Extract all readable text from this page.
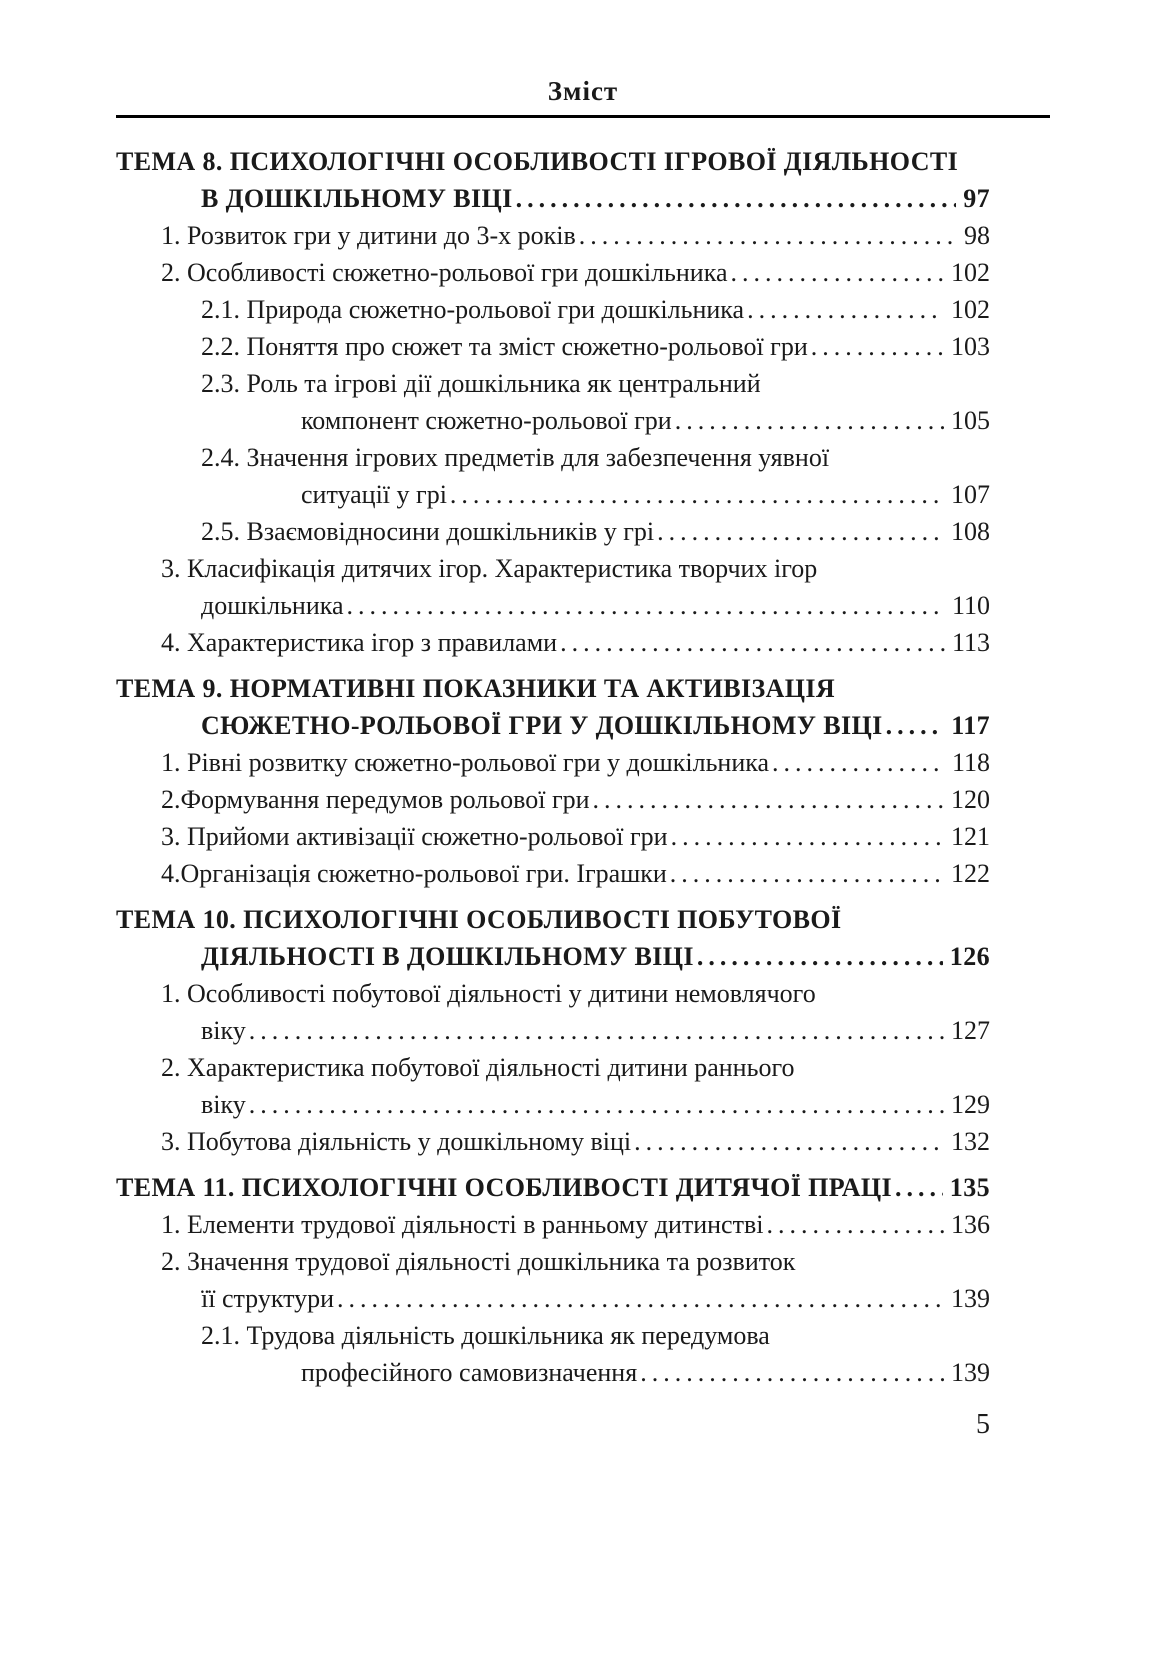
Зміст
ТЕМА 8. ПСИХОЛОГІЧНІ ОСОБЛИВОСТІ ІГРОВОЇ ДІЯЛЬНОСТІ
В ДОШКІЛЬНОМУ ВІЦІ .....	97
1. Розвиток гри у дитини до 3-х років .....	98
2. Особливості сюжетно-рольової гри дошкільника .....	102
2.1. Природа сюжетно-рольової гри дошкільника .....	102
2.2. Поняття про сюжет та зміст сюжетно-рольової гри .....	103
2.3. Роль та ігрові дії дошкільника як центральний
компонент сюжетно-рольової гри .....	105
2.4. Значення ігрових предметів для забезпечення уявної
ситуації у грі .....	107
2.5. Взаємовідносини дошкільників у грі .....	108
3. Класифікація дитячих ігор. Характеристика творчих ігор
дошкільника .....	110
4. Характеристика ігор з правилами .....	113
ТЕМА 9. НОРМАТИВНІ ПОКАЗНИКИ ТА АКТИВІЗАЦІЯ
СЮЖЕТНО-РОЛЬОВОЇ ГРИ У ДОШКІЛЬНОМУ ВІЦІ .....	117
1. Рівні розвитку сюжетно-рольової гри у дошкільника .....	118
2.Формування передумов рольової гри .....	120
3. Прийоми активізації сюжетно-рольової гри .....	121
4.Організація сюжетно-рольової гри. Іграшки .....	122
ТЕМА 10. ПСИХОЛОГІЧНІ ОСОБЛИВОСТІ ПОБУТОВОЇ
ДІЯЛЬНОСТІ В ДОШКІЛЬНОМУ ВІЦІ .....	126
1. Особливості побутової діяльності у дитини немовлячого
віку .....	127
2. Характеристика побутової діяльності дитини раннього
віку .....	129
3. Побутова діяльність у дошкільному віці .....	132
ТЕМА 11. ПСИХОЛОГІЧНІ ОСОБЛИВОСТІ ДИТЯЧОЇ ПРАЦІ ..... 135
1. Елементи трудової діяльності в ранньому дитинстві .....	136
2. Значення трудової діяльності дошкільника та розвиток
її структури .....	139
2.1. Трудова діяльність дошкільника як передумова
професійного самовизначення .....	139
5
